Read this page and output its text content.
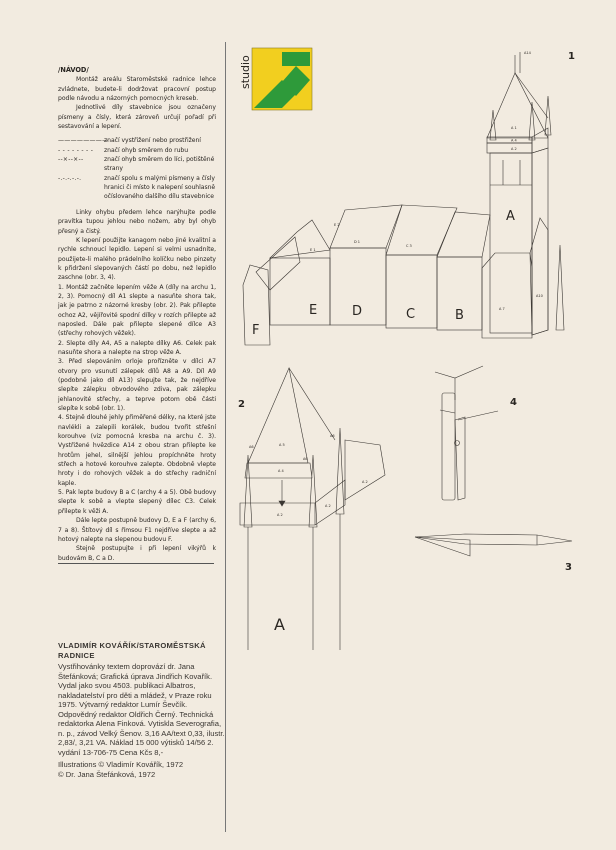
/NÁVOD/

Montáž areálu Staroměstské radnice lehce zvládnete, budete-li dodržovat pracovní postup podle návodu a názorných pomocných kreseb.

Jednotlivé díly stavebnice jsou označeny písmeny a čísly, která zároveň určují pořadí při sestavování a lepení.

————————
značí vystřižení nebo prostřižení
- - - - - - - -	značí ohyb směrem do rubu
--×--×--	značí ohyb směrem do líci, potištěné strany
-.-.-.-.-.	značí spolu s malými písmeny a čísly hranici či místo k nalepení souhlasně očíslovaného dalšího dílu stavebnice

Linky ohybu předem lehce narýhujte podle pravítka tupou jehlou nebo nožem, aby byl ohyb přesný a čistý.

K lepení použijte kanagom nebo jiné kvalitní a rychle schnoucí lepidlo. Lepení si velmi usnadníte, použijete-li malého prádelního kolíčku nebo pinzety k přidržení slepovaných částí po dobu, než lepidlo zaschne (obr. 3, 4).

1. Montáž začněte lepením věže A (díly na archu 1, 2, 3). Pomocný díl A1 slepte a nasuňte shora tak, jak je patrno z názorné kresby (obr. 2). Pak přilepte ochoz A2, vějířovité spodní dílky v rozích přilepte až naposled. Dále pak přilepte slepené dílce A3 (střechy rohových věžek).

2. Slepte díly A4, A5 a nalepte dílky A6. Celek pak nasuňte shora a nalepte na strop věže A.

3. Před slepováním orloje prořízněte v dílci A7 otvory pro vsunutí zálepek dílů A8 a A9. Díl A9 (podobně jako díl A13) slepujte tak, že nejdříve slepíte zálepku obvodového zdiva, pak zálepku jehlanovité střechy, a teprve potom obě části slepíte k sobě (obr. 1).

4. Stejně dlouhé jehly přiměřené délky, na které jste navlékli a zalepili korálek, budou tvořit střešní korouhve (viz pomocná kresba na archu č. 3). Vystřižené hvězdice A14 z obou stran přilepte ke hrotům jehel, silnější jehlou propíchněte hroty střech a hotové korouhve zalepte. Obdobně vlepte hroty i do rohových věžek a do střechy radniční kaple.

5. Pak lepte budovy B a C (archy 4 a 5). Obě budovy slepte k sobě a vlepte slepený dílec C3. Celek přilepte k věži A.

Dále lepte postupně budovy D, E a F (archy 6, 7 a 8). Štítový díl s římsou F1 nejdříve slepte a až hotový nalepte na slepenou budovu F.

Stejně postupujte i při lepení vikýřů k budovám B, C a D.

VLADIMÍR KOVÁŘÍK/STAROMĚSTSKÁ RADNICE

Vystřihovánky textem doprovází dr. Jana Štefánková; Grafická úprava Jindřich Kovařík. Vydal jako svou 4503. publikaci Albatros, nakladatelství pro děti a mládež, v Praze roku 1975. Výtvarný redaktor Lumír Ševčík. Odpovědný redaktor Oldřich Černý. Technická redaktorka Alena Finková. Vytiskla Severografia, n. p., závod Velký Šenov. 3,16 AA/text 0,33, ilustr. 2,83/, 3,21 VA. Náklad 15 000 výtisků 14/56 2. vydání 13-706-75 Cena Kčs 8,-

Illustrations © Vladimír Kovářík, 1972

© Dr. Jana Štefánková, 1972

studio	1
A
F
E	D	C	B
A 1
A 4
A 2
A 7
A10
A14
E 1
E 2
D 1
C 3
2
A
A 5
A 4
A 2
A 2
A 2
A6
A6
A6
4
3
